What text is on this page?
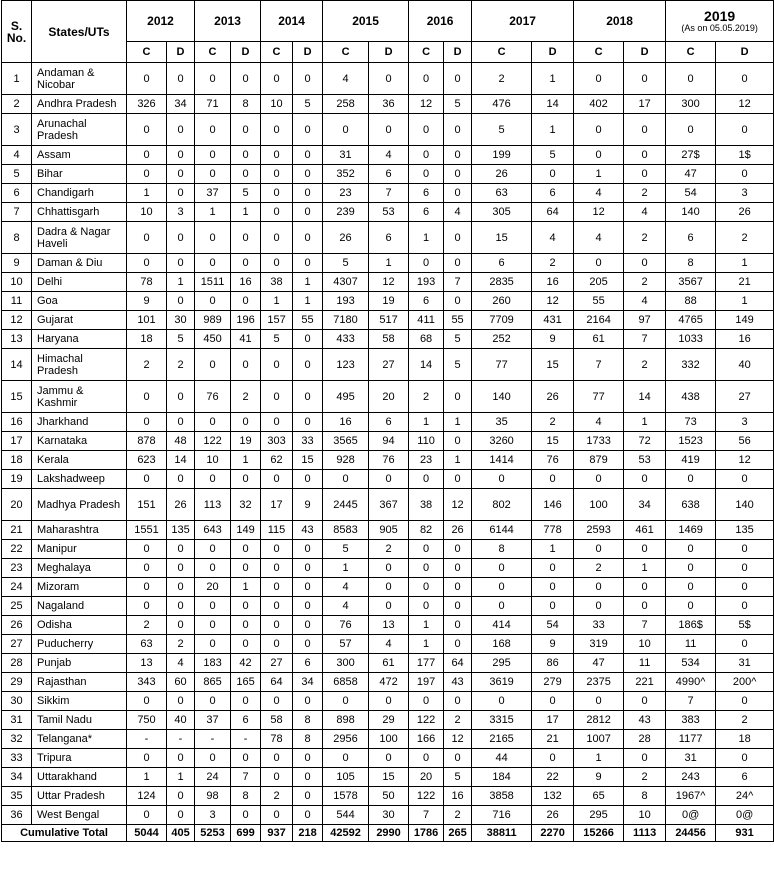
S. No.	States/UTs	2012		2013		2014		2015		2016		2017		2018		2019
(As on 05.05.2019)	

		C	D	C	D	C	D	C	D	C	D	C	D	C	D	C	D
1	Andaman & Nicobar	0	0	0	0	0	0	4	0	0	0	2	1	0	0	0	0
2	Andhra Pradesh	326	34	71	8	10	5	258	36	12	5	476	14	402	17	300	12
3	Arunachal Pradesh	0	0	0	0	0	0	0	0	0	0	5	1	0	0	0	0
4	Assam	0	0	0	0	0	0	31	4	0	0	199	5	0	0	27$	1$
5	Bihar	0	0	0	0	0	0	352	6	0	0	26	0	1	0	47	0
6	Chandigarh	1	0	37	5	0	0	23	7	6	0	63	6	4	2	54	3
7	Chhattisgarh	10	3	1	1	0	0	239	53	6	4	305	64	12	4	140	26
8	Dadra & Nagar Haveli	0	0	0	0	0	0	26	6	1	0	15	4	4	2	6	2
9	Daman & Diu	0	0	0	0	0	0	5	1	0	0	6	2	0	0	8	1
10	Delhi	78	1	1511	16	38	1	4307	12	193	7	2835	16	205	2	3567	21
11	Goa	9	0	0	0	1	1	193	19	6	0	260	12	55	4	88	1
12	Gujarat	101	30	989	196	157	55	7180	517	411	55	7709	431	2164	97	4765	149
13	Haryana	18	5	450	41	5	0	433	58	68	5	252	9	61	7	1033	16
14	Himachal Pradesh	2	2	0	0	0	0	123	27	14	5	77	15	7	2	332	40
15	Jammu & Kashmir	0	0	76	2	0	0	495	20	2	0	140	26	77	14	438	27
16	Jharkhand	0	0	0	0	0	0	16	6	1	1	35	2	4	1	73	3
17	Karnataka	878	48	122	19	303	33	3565	94	110	0	3260	15	1733	72	1523	56
18	Kerala	623	14	10	1	62	15	928	76	23	1	1414	76	879	53	419	12
19	Lakshadweep	0	0	0	0	0	0	0	0	0	0	0	0	0	0	0	0
20	Madhya Pradesh	151	26	113	32	17	9	2445	367	38	12	802	146	100	34	638	140
21	Maharashtra	1551	135	643	149	115	43	8583	905	82	26	6144	778	2593	461	1469	135
22	Manipur	0	0	0	0	0	0	5	2	0	0	8	1	0	0	0	0
23	Meghalaya	0	0	0	0	0	0	1	0	0	0	0	0	2	1	0	0
24	Mizoram	0	0	20	1	0	0	4	0	0	0	0	0	0	0	0	0
25	Nagaland	0	0	0	0	0	0	4	0	0	0	0	0	0	0	0	0
26	Odisha	2	0	0	0	0	0	76	13	1	0	414	54	33	7	186$	5$
27	Puducherry	63	2	0	0	0	0	57	4	1	0	168	9	319	10	11	0
28	Punjab	13	4	183	42	27	6	300	61	177	64	295	86	47	11	534	31
29	Rajasthan	343	60	865	165	64	34	6858	472	197	43	3619	279	2375	221	4990^	200^
30	Sikkim	0	0	0	0	0	0	0	0	0	0	0	0	0	0	7	0
31	Tamil Nadu	750	40	37	6	58	8	898	29	122	2	3315	17	2812	43	383	2
32	Telangana*	-	-	-	-	78	8	2956	100	166	12	2165	21	1007	28	1177	18
33	Tripura	0	0	0	0	0	0	0	0	0	0	44	0	1	0	31	0
34	Uttarakhand	1	1	24	7	0	0	105	15	20	5	184	22	9	2	243	6
35	Uttar Pradesh	124	0	98	8	2	0	1578	50	122	16	3858	132	65	8	1967^	24^
36	West Bengal	0	0	3	0	0	0	544	30	7	2	716	26	295	10	0@	0@
Cumulative Total		5044	405	5253	699	937	218	42592	2990	1786	265	38811	2270	15266	1113	24456	931
